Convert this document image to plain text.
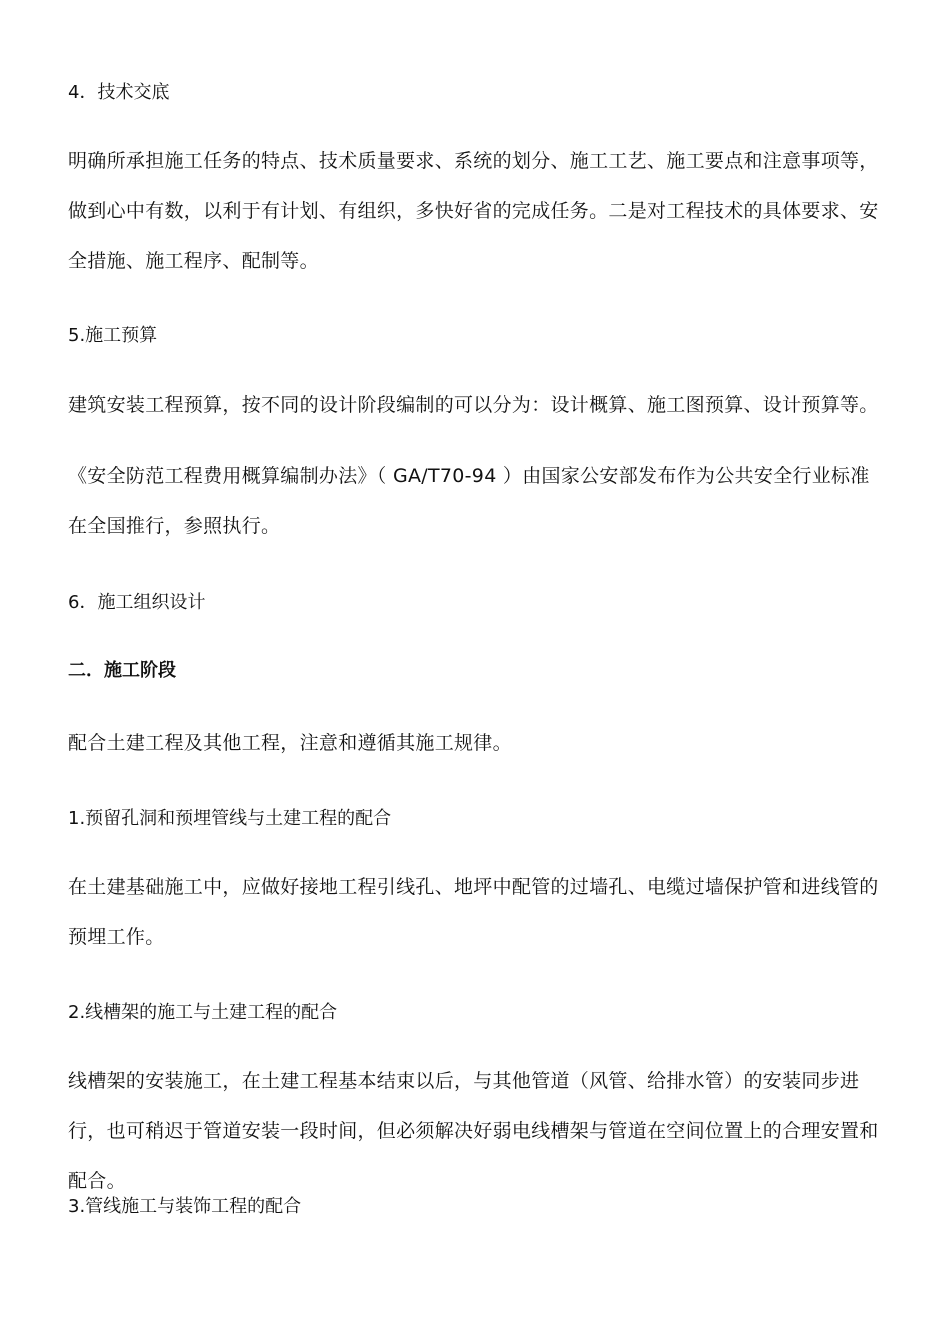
4．技术交底

明确所承担施工任务的特点、技术质量要求、系统的划分、施工工艺、施工要点和注意事项等，做到心中有数，以利于有计划、有组织，多快好省的完成任务。二是对工程技术的具体要求、安全措施、施工程序、配制等。

5.施工预算

建筑安装工程预算，按不同的设计阶段编制的可以分为：设计概算、施工图预算、设计预算等。

《安全防范工程费用概算编制办法》（ GA/T70-94 ）由国家公安部发布作为公共安全行业标准在全国推行，参照执行。

6．施工组织设计
二．施工阶段

配合土建工程及其他工程，注意和遵循其施工规律。

1.预留孔洞和预埋管线与土建工程的配合

在土建基础施工中，应做好接地工程引线孔、地坪中配管的过墙孔、电缆过墙保护管和进线管的预埋工作。

2.线槽架的施工与土建工程的配合

线槽架的安装施工，在土建工程基本结束以后，与其他管道（风管、给排水管）的安装同步进行，也可稍迟于管道安装一段时间，但必须解决好弱电线槽架与管道在空间位置上的合理安置和配合。

3.管线施工与装饰工程的配合
